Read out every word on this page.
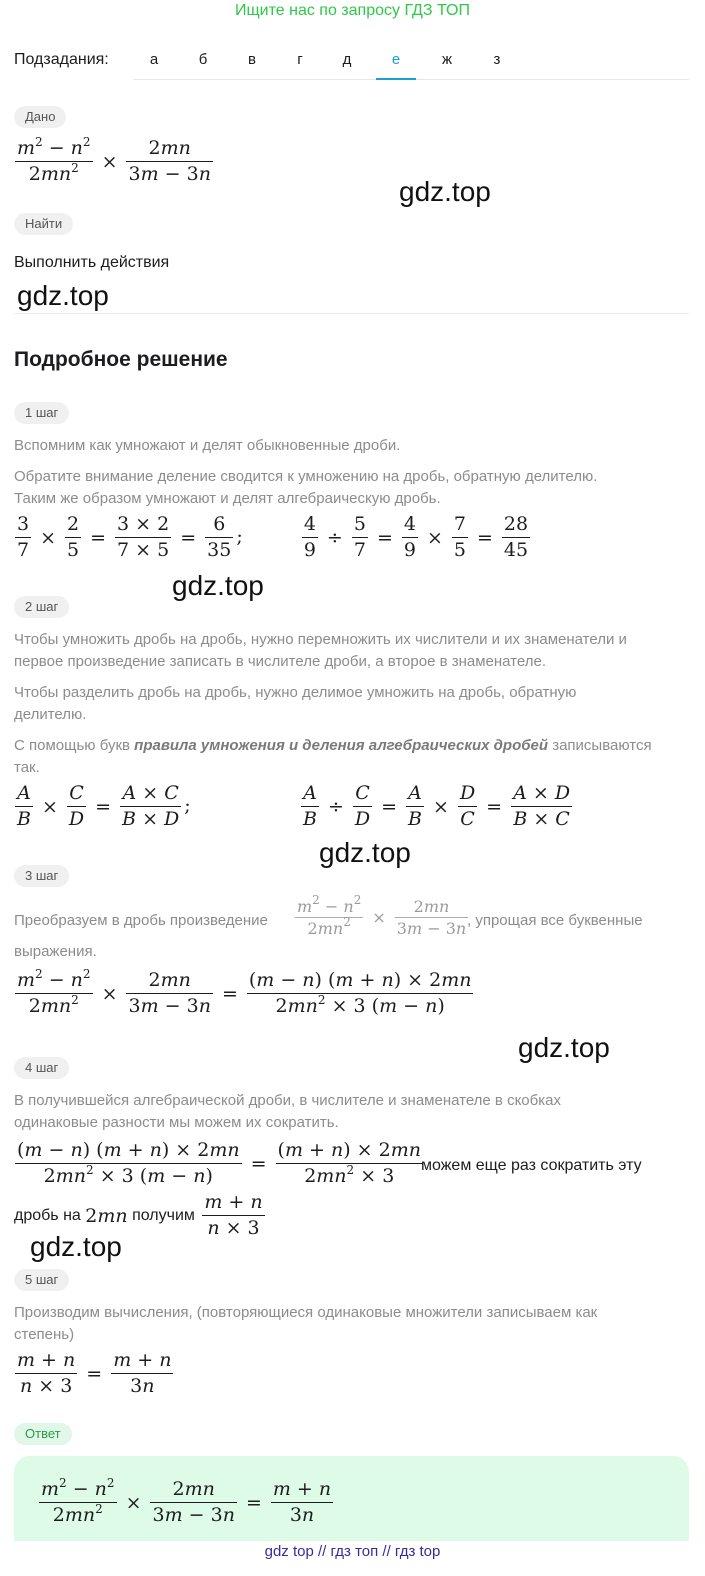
Ищите нас по запросу ГДЗ ТОП
Подзадания:	а	б	в	г	д	е	ж	з
Дано
$\frac{m^2 - n^2}{2mn^2} \times \frac{2mn}{3m - 3n}$
gdz.top
Найти
Выполнить действия
gdz.top
Подробное решение
1 шаг
Вспомним как умножают и делят обыкновенные дроби.
Обратите внимание деление сводится к умножению на дробь, обратную делителю.
Таким же образом умножают и делят алгебраическую дробь.
$\frac{3}{7} \times \frac{2}{5} = \frac{3 \times 2}{7 \times 5} = \frac{6}{35}$ ;	$\frac{4}{9} \div \frac{5}{7} = \frac{4}{9} \times \frac{7}{5} = \frac{28}{45}$
gdz.top
2 шаг
Чтобы умножить дробь на дробь, нужно перемножить их числители и их знаменатели и
первое произведение записать в числителе дроби, а второе в знаменателе.
Чтобы разделить дробь на дробь, нужно делимое умножить на дробь, обратную
делителю.
С помощью букв правила умножения и деления алгебраических дробей записываются
так.
$\frac{A}{B} \times \frac{C}{D} = \frac{A \times C}{B \times D}$ ;	$\frac{A}{B} \div \frac{C}{D} = \frac{A}{B} \times \frac{D}{C} = \frac{A \times D}{B \times C}$
gdz.top
3 шаг
Преобразуем в дробь произведение $\frac{m^2 - n^2}{2mn^2} \times \frac{2mn}{3m - 3n}$
, упрощая все буквенные
выражения.
$\frac{m^2 - n^2}{2mn^2} \times \frac{2mn}{3m - 3n} = \frac{(m - n) (m + n) \times 2mn}{2mn^2 \times 3 (m - n)}$
gdz.top
4 шаг
В получившейся алгебраической дроби, в числителе и знаменателе в скобках
одинаковые разности мы можем их сократить.
$\frac{(m - n) (m + n) \times 2mn}{2mn^2 \times 3 (m - n)} = \frac{(m + n) \times 2mn}{2mn^2 \times 3}$
можем еще раз сократить эту
дробь на 2mn получим $\frac{m + n}{n \times 3}$
gdz.top
5 шаг
Производим вычисления, (повторяющиеся одинаковые множители записываем как
степень)
$\frac{m + n}{n \times 3} = \frac{m + n}{3n}$
Ответ
$\frac{m^2 - n^2}{2mn^2} \times \frac{2mn}{3m - 3n} = \frac{m + n}{3n}$
gdz top // гдз топ // гдз top
